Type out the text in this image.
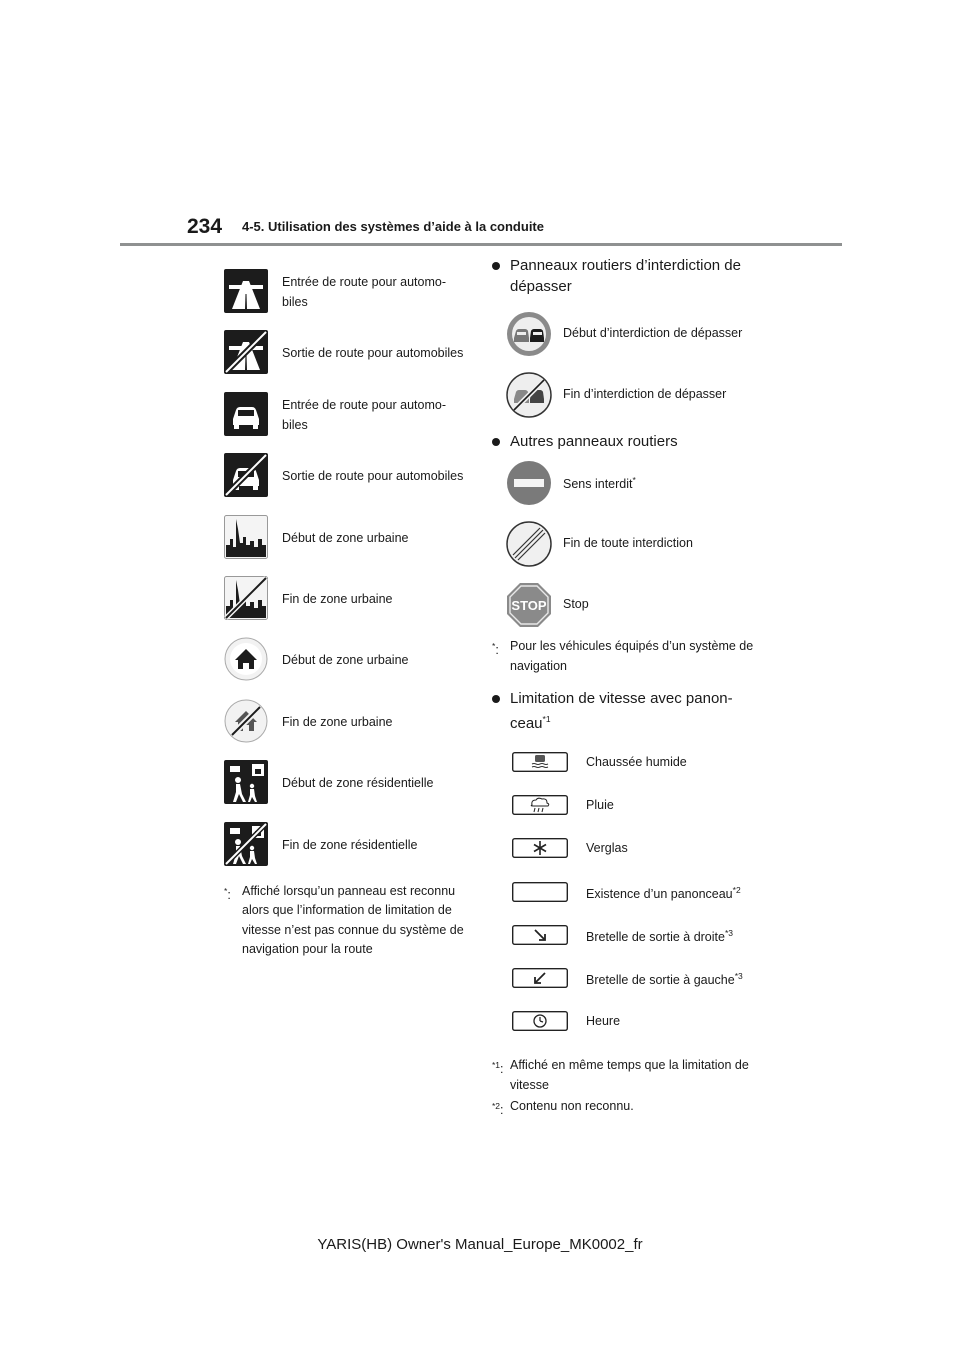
234 4-5. Utilisation des systèmes d’aide à la conduite
Entrée de route pour automo-
biles
Sortie de route pour automobiles
Entrée de route pour automo-
biles
Sortie de route pour automobiles
Début de zone urbaine
Fin de zone urbaine
Début de zone urbaine
Fin de zone urbaine
Début de zone résidentielle
Fin de zone résidentielle
*: Affiché lorsqu’un panneau est reconnu alors que l’information de limitation de vitesse n’est pas connue du système de navigation pour la route
Panneaux routiers d’interdiction de dépasser
Début d’interdiction de dépasser
Fin d’interdiction de dépasser
Autres panneaux routiers
Sens interdit*
Fin de toute interdiction
STOP Stop
*: Pour les véhicules équipés d’un système de navigation
Limitation de vitesse avec panon-
ceau$^{*1}$
Chaussée humide
Pluie
Verglas
Existence d’un panonceau$^{*2}$
Bretelle de sortie à droite$^{*3}$
Bretelle de sortie à gauche$^{*3}$
Heure
$^{*1}$: Affiché en même temps que la limitation de vitesse
$^{*2}$: Contenu non reconnu.
YARIS(HB) Owner's Manual_Europe_MK0002_fr
